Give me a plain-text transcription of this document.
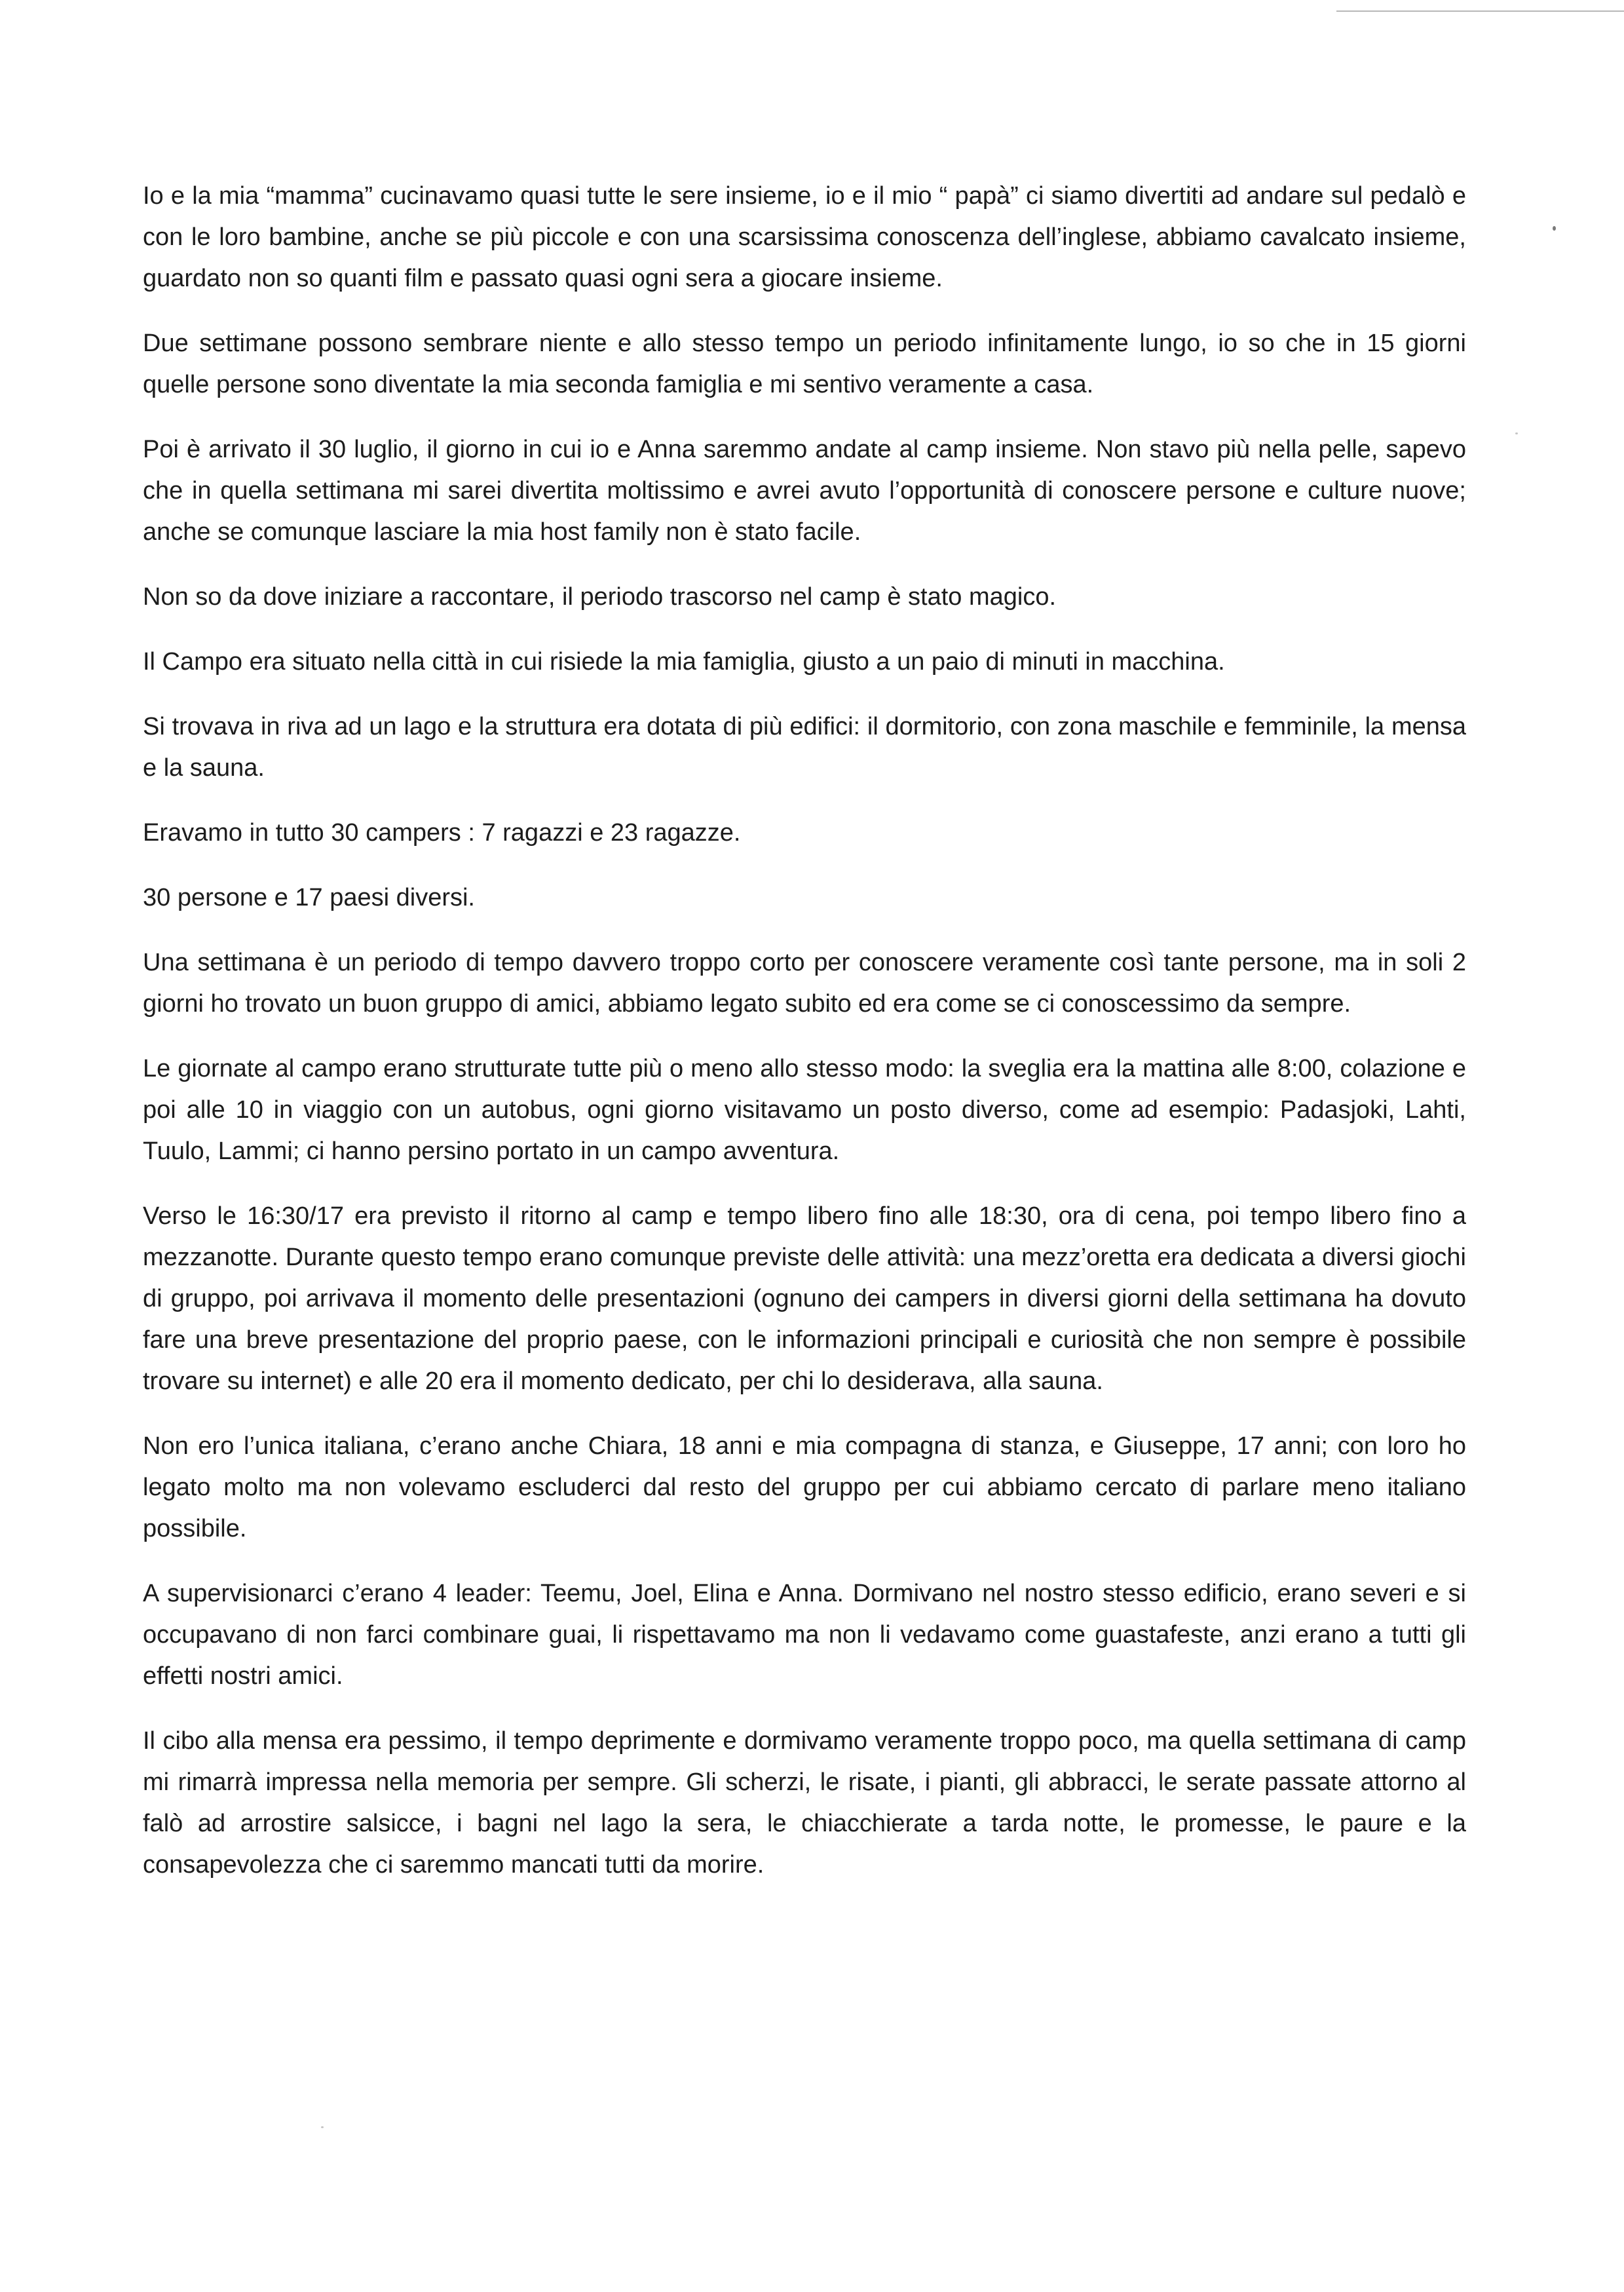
Io e la mia “mamma” cucinavamo quasi tutte le sere insieme, io e il mio “ papà” ci siamo divertiti ad andare sul pedalò e con le loro bambine, anche se più piccole e con una scarsissima conoscenza dell’inglese, abbiamo cavalcato insieme, guardato non so quanti film e passato quasi ogni sera a giocare insieme.

Due settimane possono sembrare niente e allo stesso tempo un periodo infinitamente lungo, io so che in 15 giorni quelle persone sono diventate la mia seconda famiglia e mi sentivo veramente a casa.

Poi è arrivato il 30 luglio, il giorno in cui io e Anna saremmo andate al camp insieme. Non stavo più nella pelle, sapevo che in quella settimana mi sarei divertita moltissimo e avrei avuto l’opportunità di conoscere persone e culture nuove; anche se comunque lasciare la mia host family non è stato facile.

Non so da dove iniziare a raccontare, il periodo trascorso nel camp è stato magico.

Il Campo era situato nella città in cui risiede la mia famiglia, giusto a un paio di minuti in macchina.

Si trovava in riva ad un lago e la struttura era dotata di più edifici: il dormitorio, con zona maschile e femminile, la mensa e la sauna.

Eravamo in tutto 30 campers : 7 ragazzi e 23 ragazze.

30 persone e 17 paesi diversi.

Una settimana è un periodo di tempo davvero troppo corto per conoscere veramente così tante persone, ma in soli 2 giorni ho trovato un buon gruppo di amici, abbiamo legato subito ed era come se ci conoscessimo da sempre.

Le giornate al campo erano strutturate tutte più o meno allo stesso modo: la sveglia era la mattina alle 8:00, colazione e poi alle 10 in viaggio con un autobus, ogni giorno visitavamo un posto diverso, come ad esempio: Padasjoki, Lahti, Tuulo, Lammi; ci hanno persino portato in un campo avventura.

Verso le 16:30/17 era previsto il ritorno al camp e tempo libero fino alle 18:30, ora di cena, poi tempo libero fino a mezzanotte. Durante questo tempo erano comunque previste delle attività: una mezz’oretta era dedicata a diversi giochi di gruppo, poi arrivava il momento delle presentazioni (ognuno dei campers in diversi giorni della settimana ha dovuto fare una breve presentazione del proprio paese, con le informazioni principali e curiosità che non sempre è possibile trovare su internet) e alle 20 era il momento dedicato, per chi lo desiderava, alla sauna.

Non ero l’unica italiana, c’erano anche Chiara, 18 anni e mia compagna di stanza, e Giuseppe, 17 anni; con loro ho legato molto ma non volevamo escluderci dal resto del gruppo per cui abbiamo cercato di parlare meno italiano possibile.

A supervisionarci c’erano 4 leader: Teemu, Joel, Elina e Anna. Dormivano nel nostro stesso edificio, erano severi e si occupavano di non farci combinare guai, li rispettavamo ma non li vedavamo come guastafeste, anzi erano a tutti gli effetti nostri amici.

Il cibo alla mensa era pessimo, il tempo deprimente e dormivamo veramente troppo poco, ma quella settimana di camp mi rimarrà impressa nella memoria per sempre. Gli scherzi, le risate, i pianti, gli abbracci, le serate passate attorno al falò ad arrostire salsicce, i bagni nel lago la sera, le chiacchierate a tarda notte, le promesse, le paure e la consapevolezza che ci saremmo mancati tutti da morire.
